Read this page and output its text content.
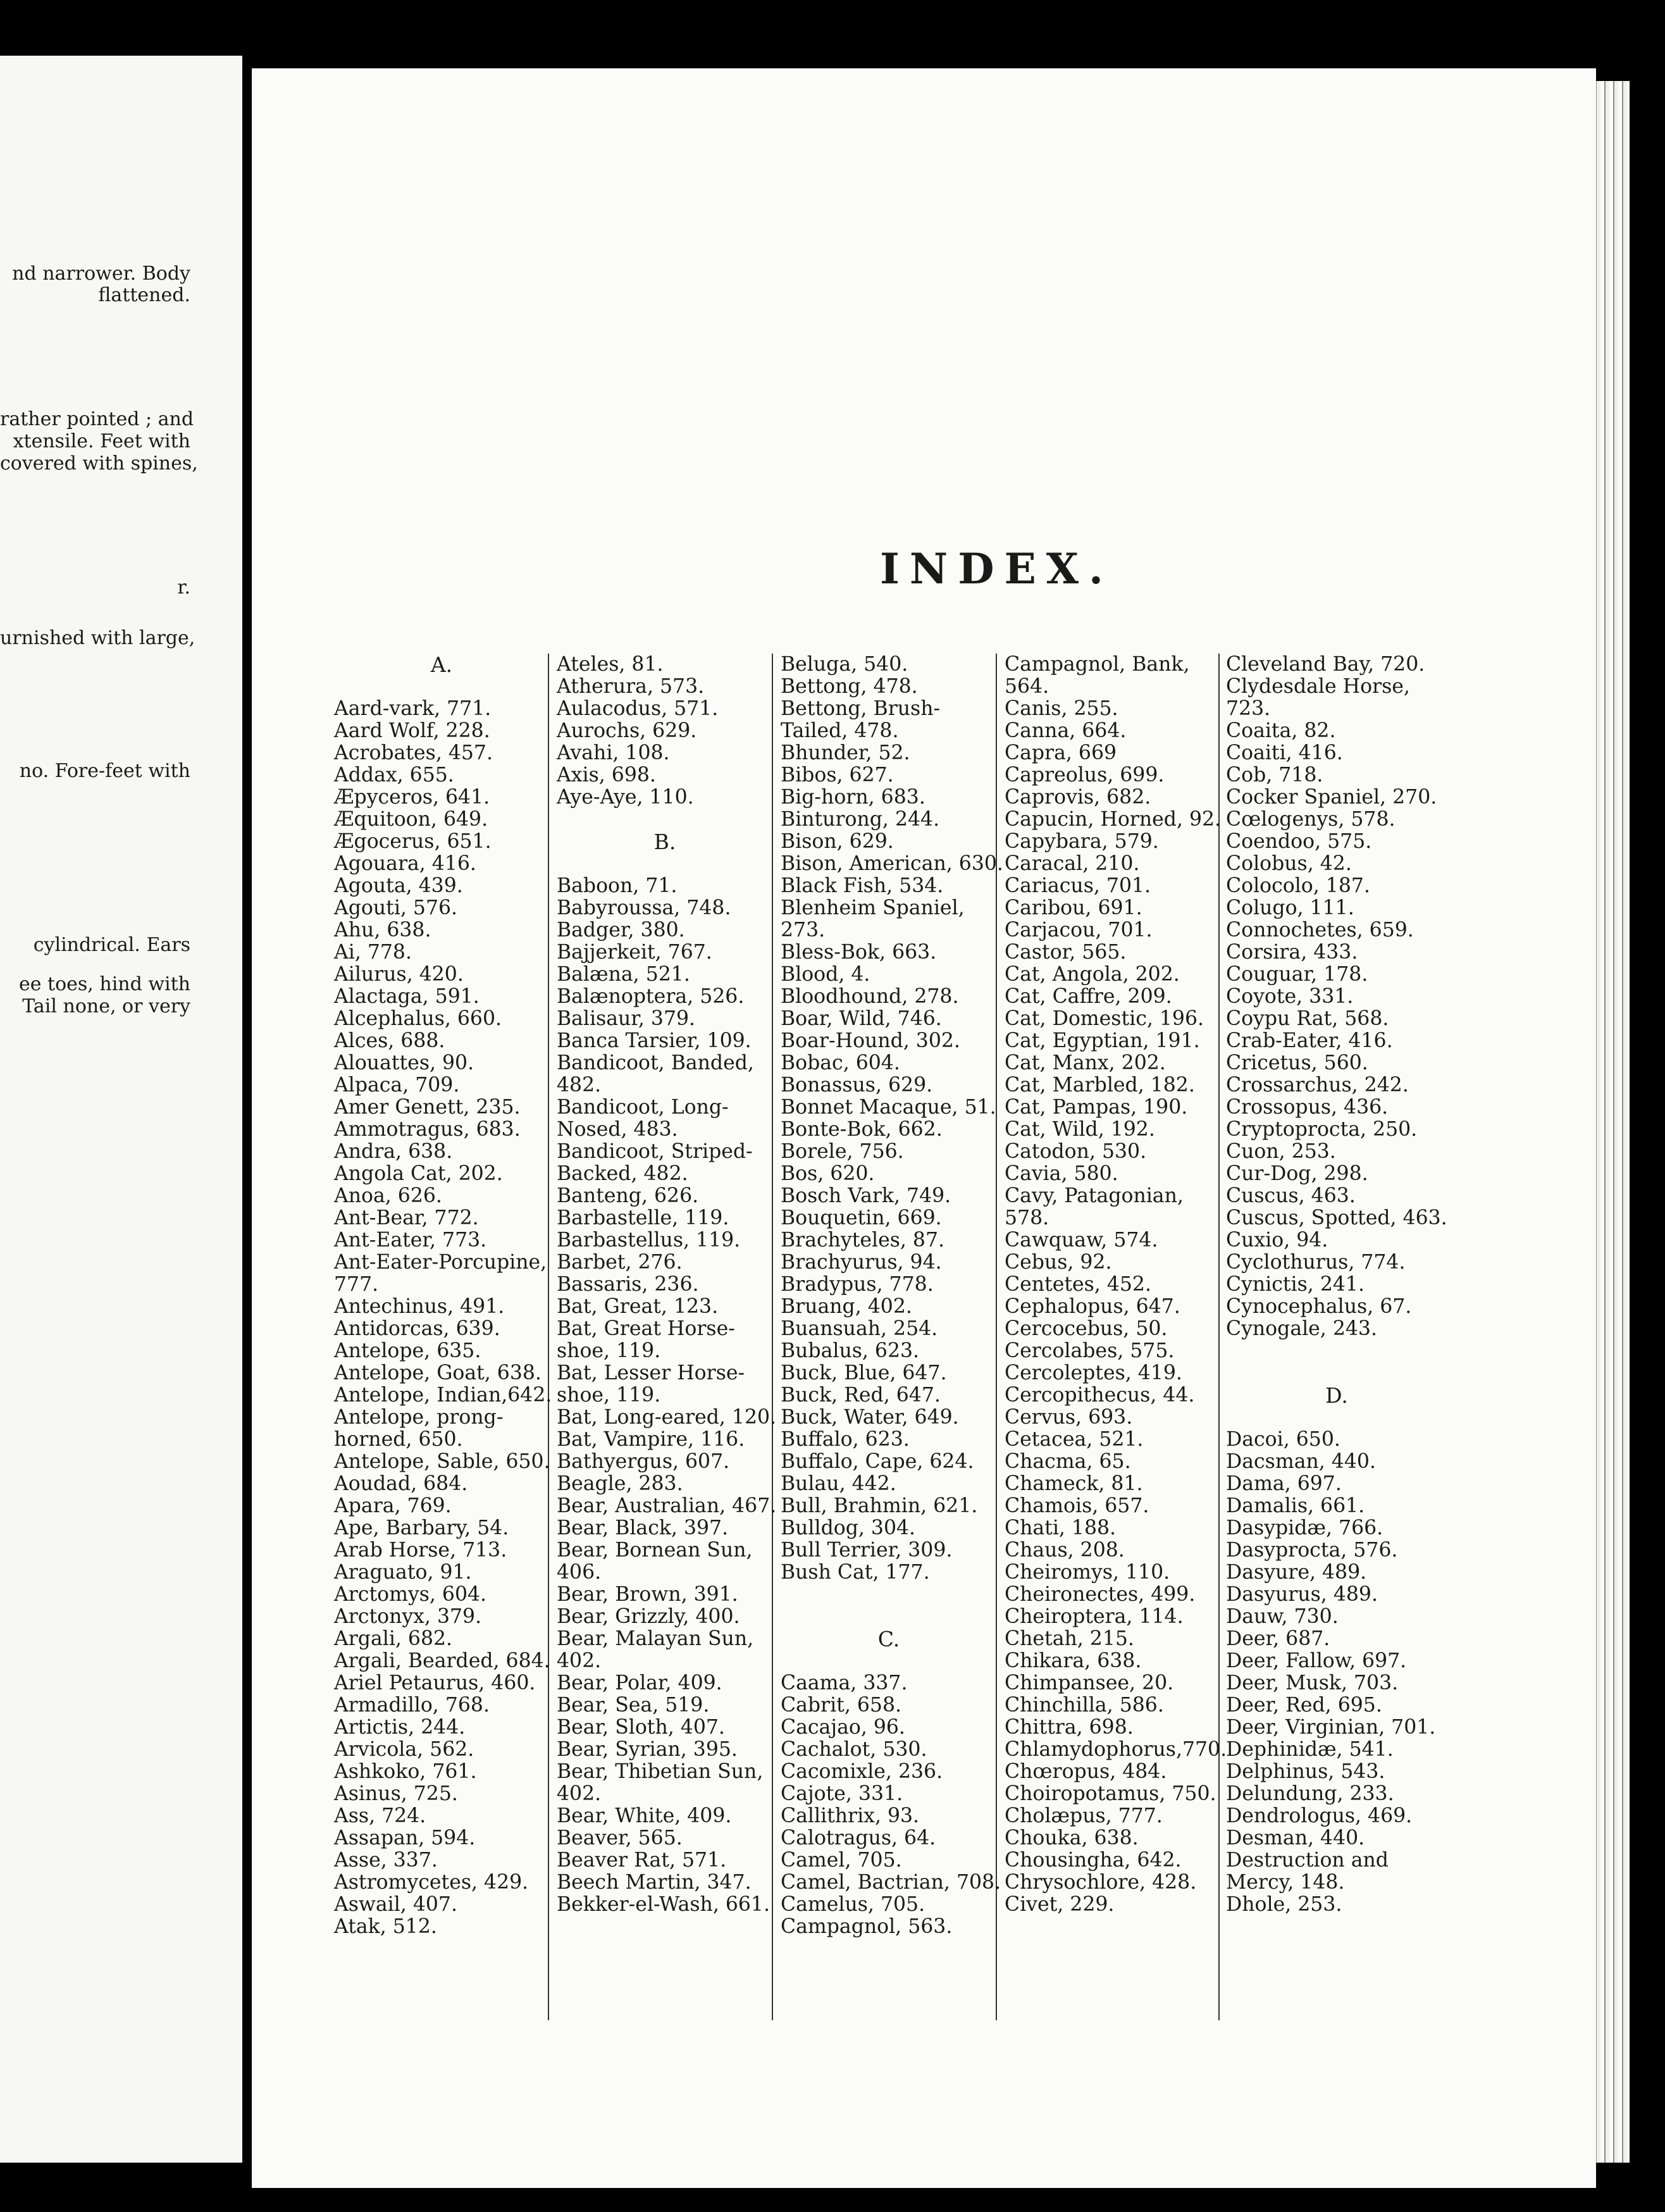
nd narrower. Body
flattened.
rather pointed ; and
xtensile. Feet with
covered with spines,
r.
urnished with large,
no. Fore-feet with
cylindrical. Ears
ee toes, hind with
Tail none, or very
INDEX.
A.
Aard-vark, 771.
Aard Wolf, 228.
Acrobates, 457.
Addax, 655.
Æpyceros, 641.
Æquitoon, 649.
Ægocerus, 651.
Agouara, 416.
Agouta, 439.
Agouti, 576.
Ahu, 638.
Ai, 778.
Ailurus, 420.
Alactaga, 591.
Alcephalus, 660.
Alces, 688.
Alouattes, 90.
Alpaca, 709.
Amer Genett, 235.
Ammotragus, 683.
Andra, 638.
Angola Cat, 202.
Anoa, 626.
Ant-Bear, 772.
Ant-Eater, 773.
Ant-Eater-Porcupine,
777.
Antechinus, 491.
Antidorcas, 639.
Antelope, 635.
Antelope, Goat, 638.
Antelope, Indian,642.
Antelope, prong-
horned, 650.
Antelope, Sable, 650.
Aoudad, 684.
Apara, 769.
Ape, Barbary, 54.
Arab Horse, 713.
Araguato, 91.
Arctomys, 604.
Arctonyx, 379.
Argali, 682.
Argali, Bearded, 684.
Ariel Petaurus, 460.
Armadillo, 768.
Artictis, 244.
Arvicola, 562.
Ashkoko, 761.
Asinus, 725.
Ass, 724.
Assapan, 594.
Asse, 337.
Astromycetes, 429.
Aswail, 407.
Atak, 512.
Ateles, 81.
Atherura, 573.
Aulacodus, 571.
Aurochs, 629.
Avahi, 108.
Axis, 698.
Aye-Aye, 110.
B.
Baboon, 71.
Babyroussa, 748.
Badger, 380.
Bajjerkeit, 767.
Balæna, 521.
Balænoptera, 526.
Balisaur, 379.
Banca Tarsier, 109.
Bandicoot, Banded,
482.
Bandicoot, Long-
Nosed, 483.
Bandicoot, Striped-
Backed, 482.
Banteng, 626.
Barbastelle, 119.
Barbastellus, 119.
Barbet, 276.
Bassaris, 236.
Bat, Great, 123.
Bat, Great Horse-
shoe, 119.
Bat, Lesser Horse-
shoe, 119.
Bat, Long-eared, 120.
Bat, Vampire, 116.
Bathyergus, 607.
Beagle, 283.
Bear, Australian, 467.
Bear, Black, 397.
Bear, Bornean Sun,
406.
Bear, Brown, 391.
Bear, Grizzly, 400.
Bear, Malayan Sun,
402.
Bear, Polar, 409.
Bear, Sea, 519.
Bear, Sloth, 407.
Bear, Syrian, 395.
Bear, Thibetian Sun,
402.
Bear, White, 409.
Beaver, 565.
Beaver Rat, 571.
Beech Martin, 347.
Bekker-el-Wash, 661.
Beluga, 540.
Bettong, 478.
Bettong, Brush-
Tailed, 478.
Bhunder, 52.
Bibos, 627.
Big-horn, 683.
Binturong, 244.
Bison, 629.
Bison, American, 630.
Black Fish, 534.
Blenheim Spaniel,
273.
Bless-Bok, 663.
Blood, 4.
Bloodhound, 278.
Boar, Wild, 746.
Boar-Hound, 302.
Bobac, 604.
Bonassus, 629.
Bonnet Macaque, 51.
Bonte-Bok, 662.
Borele, 756.
Bos, 620.
Bosch Vark, 749.
Bouquetin, 669.
Brachyteles, 87.
Brachyurus, 94.
Bradypus, 778.
Bruang, 402.
Buansuah, 254.
Bubalus, 623.
Buck, Blue, 647.
Buck, Red, 647.
Buck, Water, 649.
Buffalo, 623.
Buffalo, Cape, 624.
Bulau, 442.
Bull, Brahmin, 621.
Bulldog, 304.
Bull Terrier, 309.
Bush Cat, 177.
C.
Caama, 337.
Cabrit, 658.
Cacajao, 96.
Cachalot, 530.
Cacomixle, 236.
Cajote, 331.
Callithrix, 93.
Calotragus, 64.
Camel, 705.
Camel, Bactrian, 708.
Camelus, 705.
Campagnol, 563.
Campagnol, Bank,
564.
Canis, 255.
Canna, 664.
Capra, 669
Capreolus, 699.
Caprovis, 682.
Capucin, Horned, 92.
Capybara, 579.
Caracal, 210.
Cariacus, 701.
Caribou, 691.
Carjacou, 701.
Castor, 565.
Cat, Angola, 202.
Cat, Caffre, 209.
Cat, Domestic, 196.
Cat, Egyptian, 191.
Cat, Manx, 202.
Cat, Marbled, 182.
Cat, Pampas, 190.
Cat, Wild, 192.
Catodon, 530.
Cavia, 580.
Cavy, Patagonian,
578.
Cawquaw, 574.
Cebus, 92.
Centetes, 452.
Cephalopus, 647.
Cercocebus, 50.
Cercolabes, 575.
Cercoleptes, 419.
Cercopithecus, 44.
Cervus, 693.
Cetacea, 521.
Chacma, 65.
Chameck, 81.
Chamois, 657.
Chati, 188.
Chaus, 208.
Cheiromys, 110.
Cheironectes, 499.
Cheiroptera, 114.
Chetah, 215.
Chikara, 638.
Chimpansee, 20.
Chinchilla, 586.
Chittra, 698.
Chlamydophorus,770.
Chœropus, 484.
Choiropotamus, 750.
Cholæpus, 777.
Chouka, 638.
Chousingha, 642.
Chrysochlore, 428.
Civet, 229.
Cleveland Bay, 720.
Clydesdale Horse,
723.
Coaita, 82.
Coaiti, 416.
Cob, 718.
Cocker Spaniel, 270.
Cœlogenys, 578.
Coendoo, 575.
Colobus, 42.
Colocolo, 187.
Colugo, 111.
Connochetes, 659.
Corsira, 433.
Couguar, 178.
Coyote, 331.
Coypu Rat, 568.
Crab-Eater, 416.
Cricetus, 560.
Crossarchus, 242.
Crossopus, 436.
Cryptoprocta, 250.
Cuon, 253.
Cur-Dog, 298.
Cuscus, 463.
Cuscus, Spotted, 463.
Cuxio, 94.
Cyclothurus, 774.
Cynictis, 241.
Cynocephalus, 67.
Cynogale, 243.
D.
Dacoi, 650.
Dacsman, 440.
Dama, 697.
Damalis, 661.
Dasypidæ, 766.
Dasyprocta, 576.
Dasyure, 489.
Dasyurus, 489.
Dauw, 730.
Deer, 687.
Deer, Fallow, 697.
Deer, Musk, 703.
Deer, Red, 695.
Deer, Virginian, 701.
Dephinidæ, 541.
Delphinus, 543.
Delundung, 233.
Dendrologus, 469.
Desman, 440.
Destruction and
Mercy, 148.
Dhole, 253.
